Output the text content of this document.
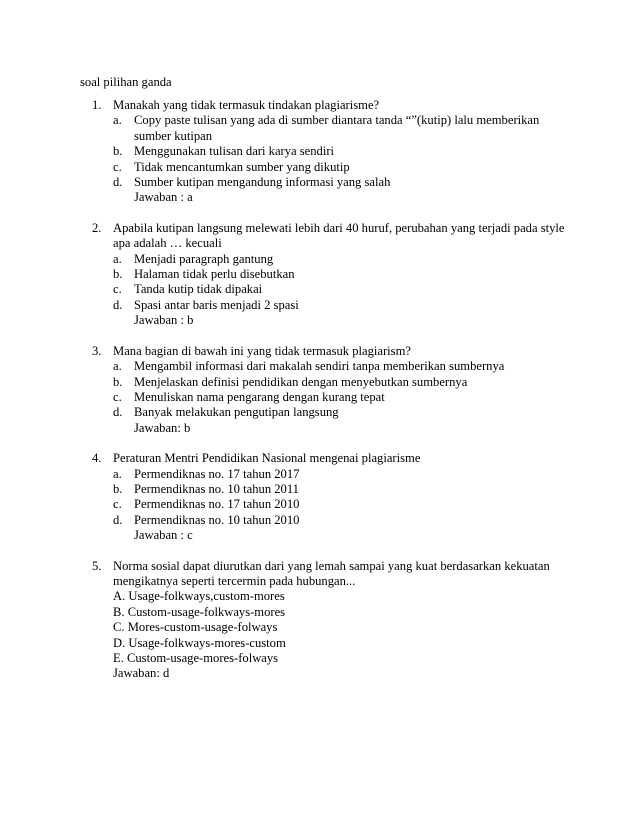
soal pilihan ganda
1. Manakah yang tidak termasuk tindakan plagiarisme?
a. Copy paste tulisan yang ada di sumber diantara tanda “”(kutip) lalu memberikan sumber kutipan
b. Menggunakan tulisan dari karya sendiri
c. Tidak mencantumkan sumber yang dikutip
d. Sumber kutipan mengandung informasi yang salah
Jawaban : a
2. Apabila kutipan langsung melewati lebih dari 40 huruf, perubahan yang terjadi pada style apa adalah … kecuali
a. Menjadi paragraph gantung
b. Halaman tidak perlu disebutkan
c. Tanda kutip tidak dipakai
d. Spasi antar baris menjadi 2 spasi
Jawaban : b
3. Mana bagian di bawah ini yang tidak termasuk plagiarism?
a. Mengambil informasi dari makalah sendiri tanpa memberikan sumbernya
b. Menjelaskan definisi pendidikan dengan menyebutkan sumbernya
c. Menuliskan nama pengarang dengan kurang tepat
d. Banyak melakukan pengutipan langsung
Jawaban: b
4. Peraturan Mentri Pendidikan Nasional mengenai plagiarisme
a. Permendiknas no. 17 tahun 2017
b. Permendiknas no. 10 tahun 2011
c. Permendiknas no. 17 tahun 2010
d. Permendiknas no. 10 tahun 2010
Jawaban : c
5. Norma sosial dapat diurutkan dari yang lemah sampai yang kuat berdasarkan kekuatan mengikatnya seperti tercermin pada hubungan...
A. Usage-folkways,custom-mores
B. Custom-usage-folkways-mores
C. Mores-custom-usage-folways
D. Usage-folkways-mores-custom
E. Custom-usage-mores-folways
Jawaban: d
